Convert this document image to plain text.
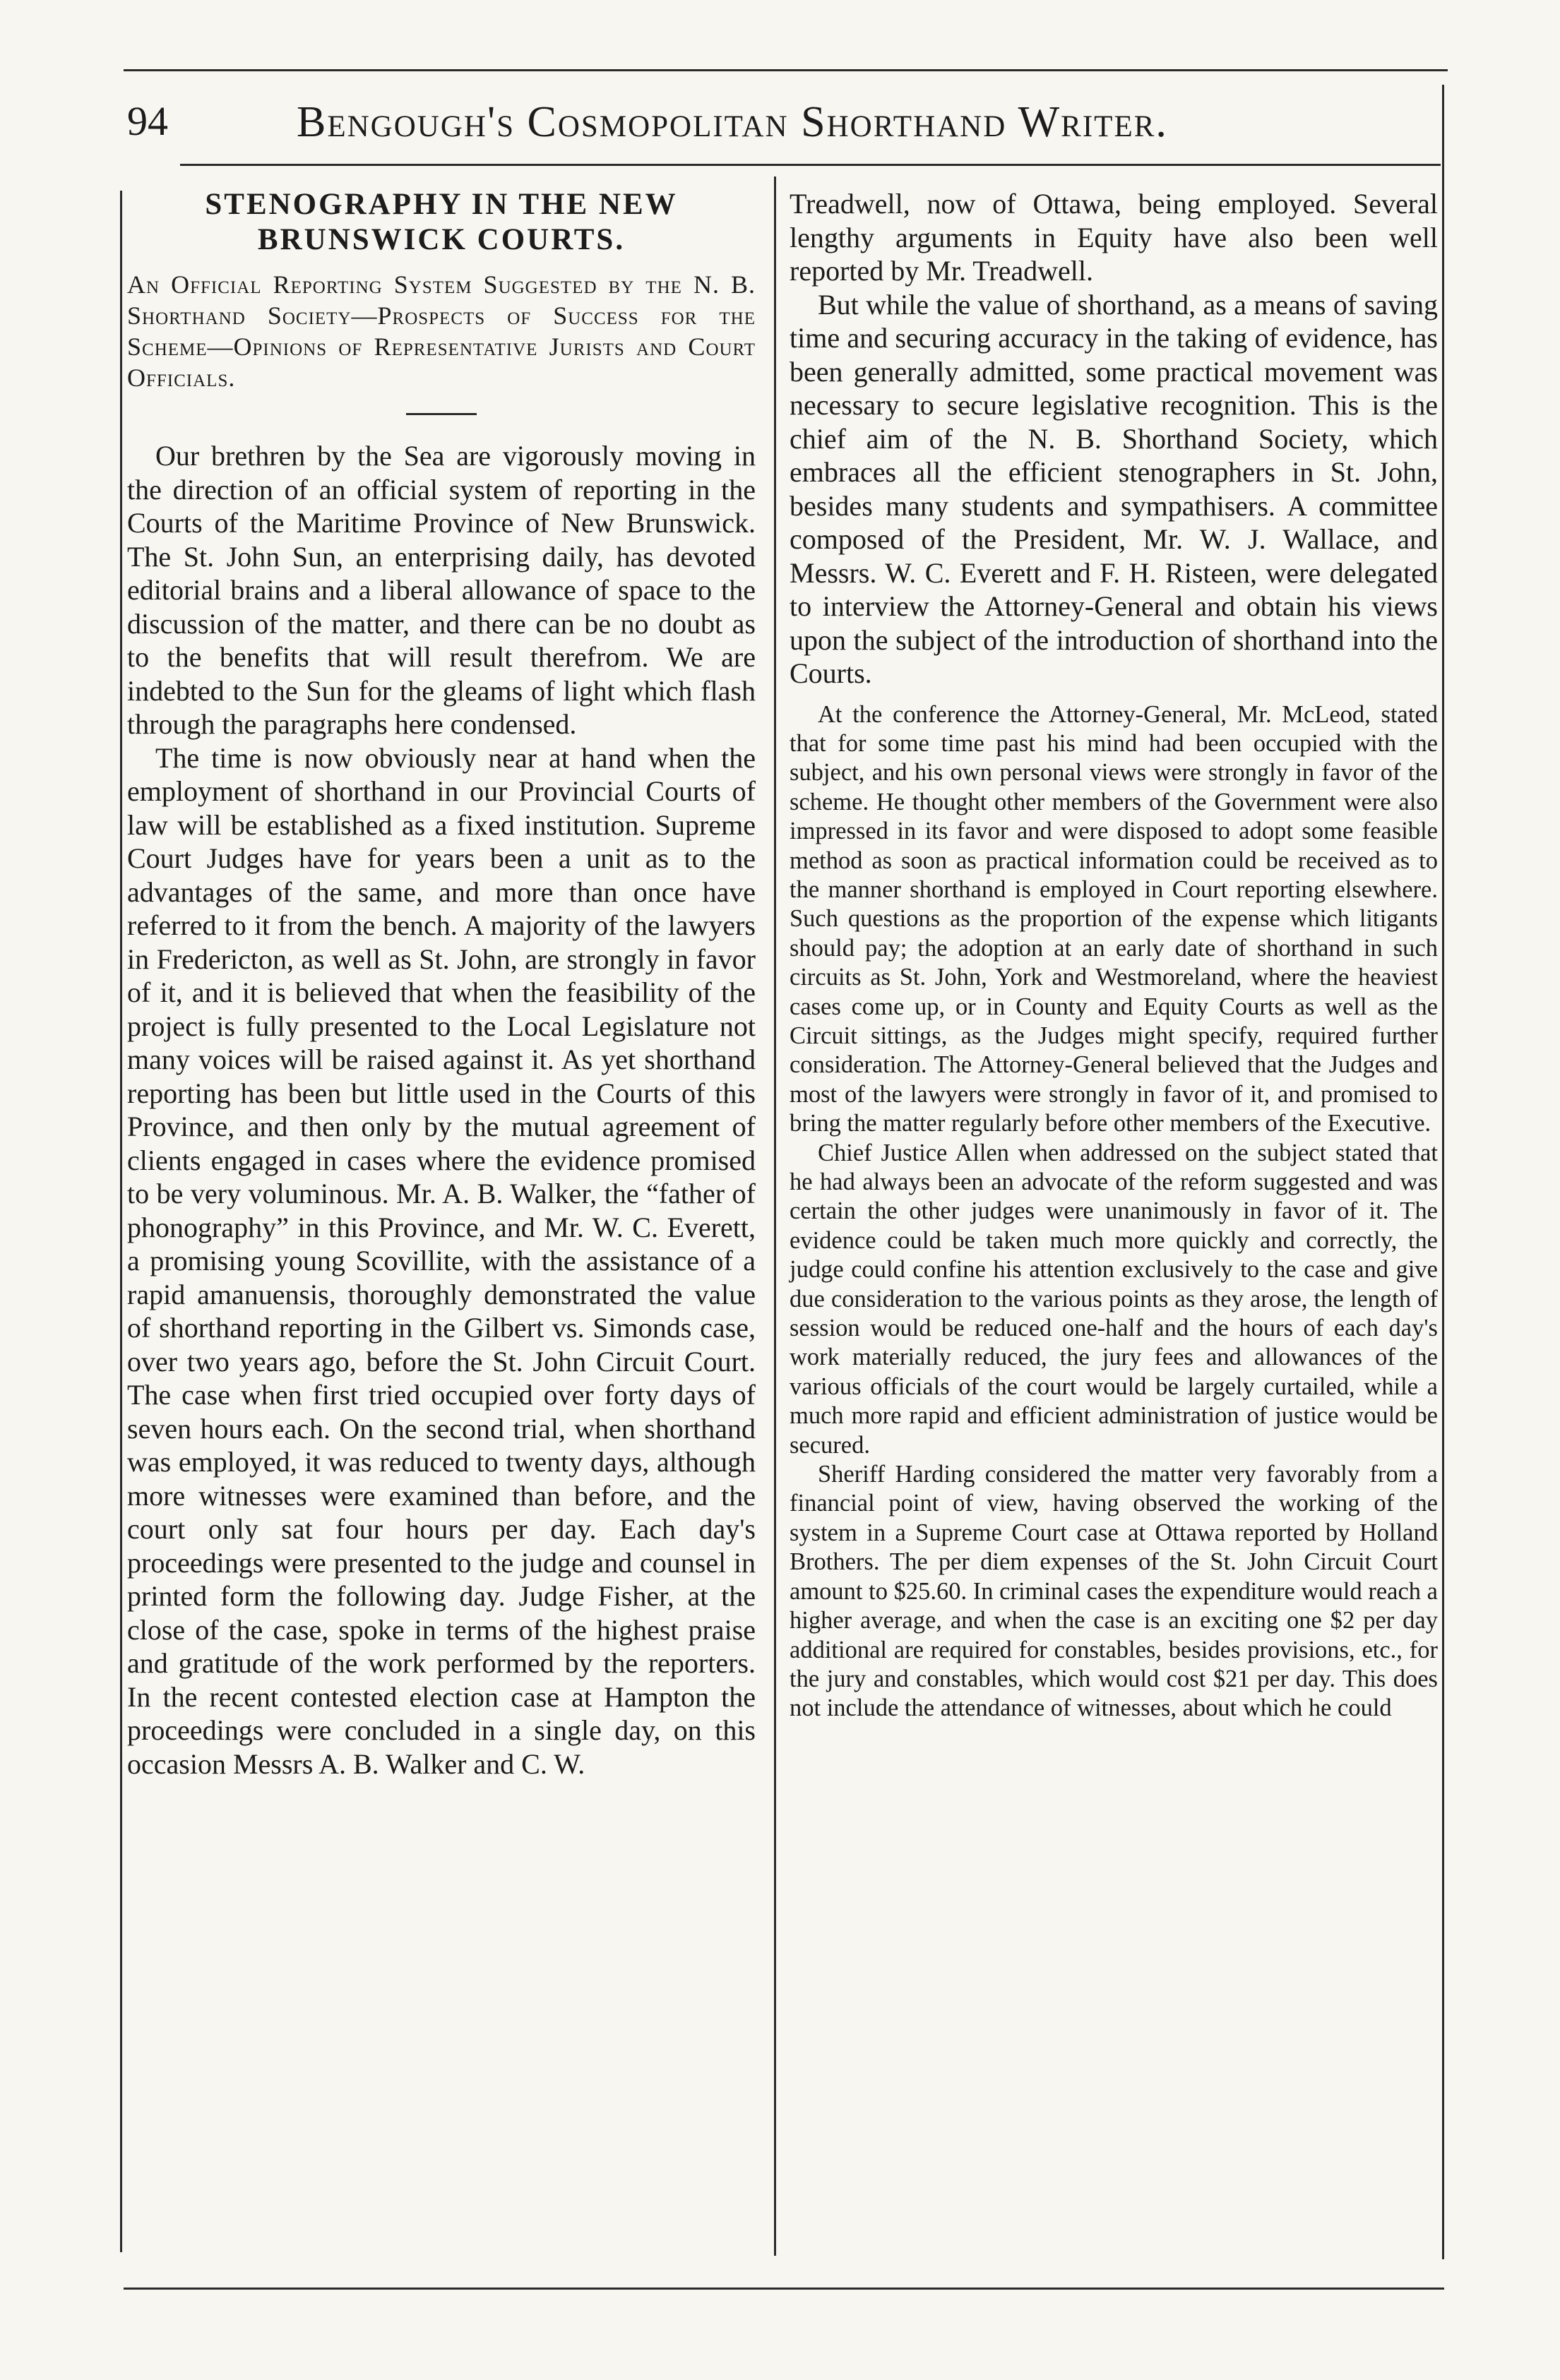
94	Bengough's Cosmopolitan Shorthand Writer.
STENOGRAPHY IN THE NEW BRUNSWICK COURTS.
An Official Reporting System Suggested by the N. B. Shorthand Society—Prospects of Success for the Scheme—Opinions of Representative Jurists and Court Officials.

Our brethren by the Sea are vigorously moving in the direction of an official system of reporting in the Courts of the Maritime Province of New Brunswick. The St. John Sun, an enterprising daily, has devoted editorial brains and a liberal allowance of space to the discussion of the matter, and there can be no doubt as to the benefits that will result therefrom. We are indebted to the Sun for the gleams of light which flash through the paragraphs here condensed.

The time is now obviously near at hand when the employment of shorthand in our Provincial Courts of law will be established as a fixed institution. Supreme Court Judges have for years been a unit as to the advantages of the same, and more than once have referred to it from the bench. A majority of the lawyers in Fredericton, as well as St. John, are strongly in favor of it, and it is believed that when the feasibility of the project is fully presented to the Local Legislature not many voices will be raised against it. As yet shorthand reporting has been but little used in the Courts of this Province, and then only by the mutual agreement of clients engaged in cases where the evidence promised to be very voluminous. Mr. A. B. Walker, the “father of phonography” in this Province, and Mr. W. C. Everett, a promising young Scovillite, with the assistance of a rapid amanuensis, thoroughly demonstrated the value of shorthand reporting in the Gilbert vs. Simonds case, over two years ago, before the St. John Circuit Court. The case when first tried occupied over forty days of seven hours each. On the second trial, when shorthand was employed, it was reduced to twenty days, although more witnesses were examined than before, and the court only sat four hours per day. Each day's proceedings were presented to the judge and counsel in printed form the following day. Judge Fisher, at the close of the case, spoke in terms of the highest praise and gratitude of the work performed by the reporters. In the recent contested election case at Hampton the proceedings were concluded in a single day, on this occasion Messrs A. B. Walker and C. W.

Treadwell, now of Ottawa, being employed. Several lengthy arguments in Equity have also been well reported by Mr. Treadwell.

But while the value of shorthand, as a means of saving time and securing accuracy in the taking of evidence, has been generally admitted, some practical movement was necessary to secure legislative recognition. This is the chief aim of the N. B. Shorthand Society, which embraces all the efficient stenographers in St. John, besides many students and sympathisers. A committee composed of the President, Mr. W. J. Wallace, and Messrs. W. C. Everett and F. H. Risteen, were delegated to interview the Attorney-General and obtain his views upon the subject of the introduction of shorthand into the Courts.

At the conference the Attorney-General, Mr. McLeod, stated that for some time past his mind had been occupied with the subject, and his own personal views were strongly in favor of the scheme. He thought other members of the Government were also impressed in its favor and were disposed to adopt some feasible method as soon as practical information could be received as to the manner shorthand is employed in Court reporting elsewhere. Such questions as the proportion of the expense which litigants should pay; the adoption at an early date of shorthand in such circuits as St. John, York and Westmoreland, where the heaviest cases come up, or in County and Equity Courts as well as the Circuit sittings, as the Judges might specify, required further consideration. The Attorney-General believed that the Judges and most of the lawyers were strongly in favor of it, and promised to bring the matter regularly before other members of the Executive.

Chief Justice Allen when addressed on the subject stated that he had always been an advocate of the reform suggested and was certain the other judges were unanimously in favor of it. The evidence could be taken much more quickly and correctly, the judge could confine his attention exclusively to the case and give due consideration to the various points as they arose, the length of session would be reduced one-half and the hours of each day's work materially reduced, the jury fees and allowances of the various officials of the court would be largely curtailed, while a much more rapid and efficient administration of justice would be secured.

Sheriff Harding considered the matter very favorably from a financial point of view, having observed the working of the system in a Supreme Court case at Ottawa reported by Holland Brothers. The per diem expenses of the St. John Circuit Court amount to $25.60. In criminal cases the expenditure would reach a higher average, and when the case is an exciting one $2 per day additional are required for constables, besides provisions, etc., for the jury and constables, which would cost $21 per day. This does not include the attendance of witnesses, about which he could
